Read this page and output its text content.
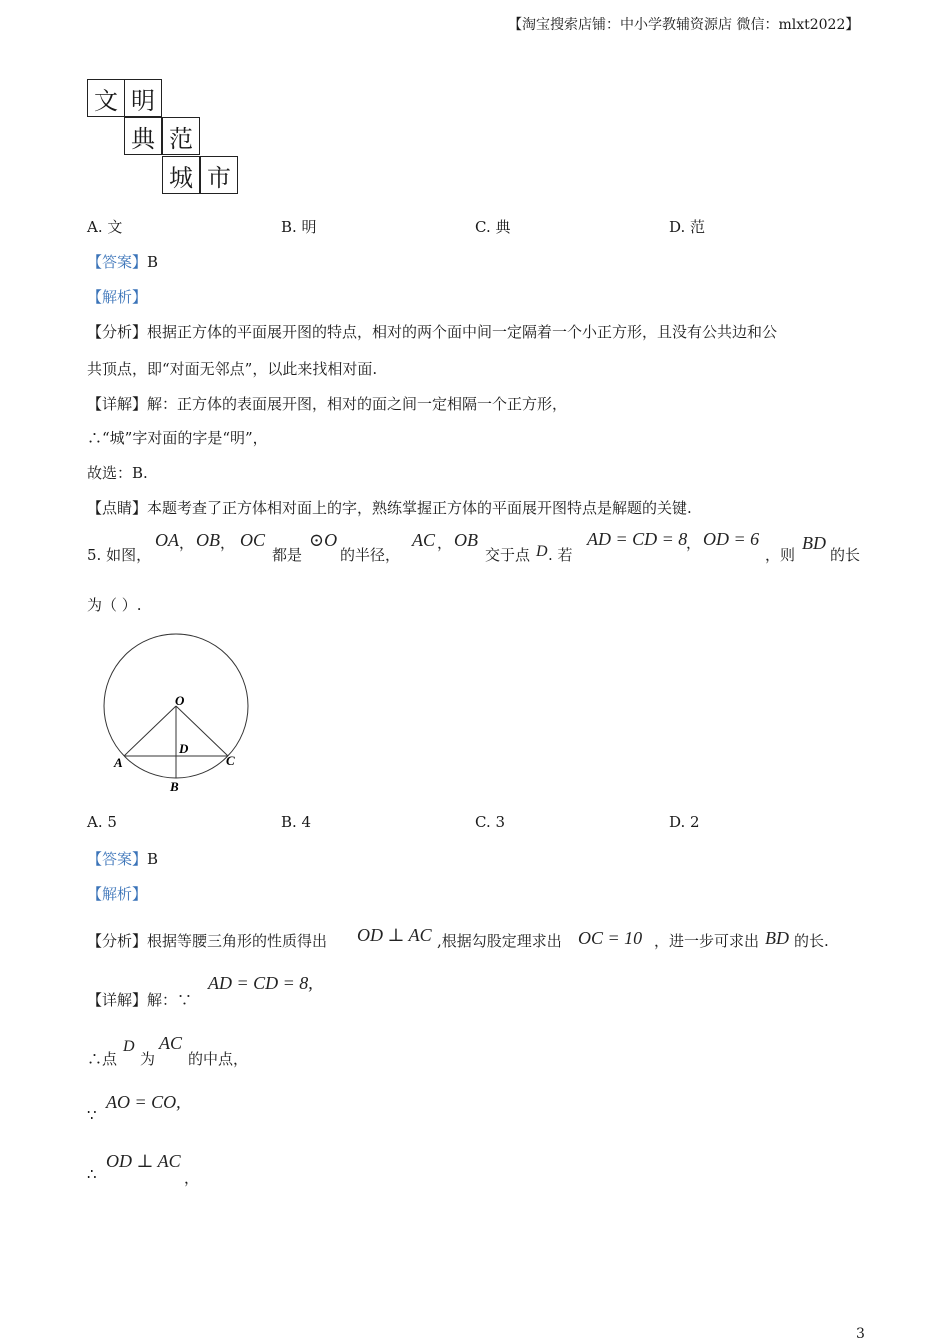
【淘宝搜索店铺：中小学教辅资源店 微信：mlxt2022】
文 明
典 范
城 市
A. 文	B. 明	C. 典	D. 范
【答案】B
【解析】
【分析】根据正方体的平面展开图的特点，相对的两个面中间一定隔着一个小正方形，且没有公共边和公
共顶点，即“对面无邻点”，以此来找相对面.
【详解】解：正方体的表面展开图，相对的面之间一定相隔一个正方形，
∴“城”字对面的字是“明”，
故选：B.
【点睛】本题考查了正方体相对面上的字，熟练掌握正方体的平面展开图特点是解题的关键.
5. 如图，
OA ， OB ， OC
都是
⊙O
的半径，
AC ， OB
交于点 D . 若
AD = CD = 8
， OD = 6
，则
BD
的长
为（ ）.
O
D
A	C
B
A. 5	B. 4	C. 3	D. 2
【答案】B
【解析】
【分析】根据等腰三角形的性质得出 OD ⊥ AC ,根据勾股定理求出 OC = 10 ，进一步可求出 BD 的长.
【详解】解：∵
AD = CD = 8,
∴点
D
为
AC
的中点，
∵
AO = CO,
∴
OD ⊥ AC
，
3
